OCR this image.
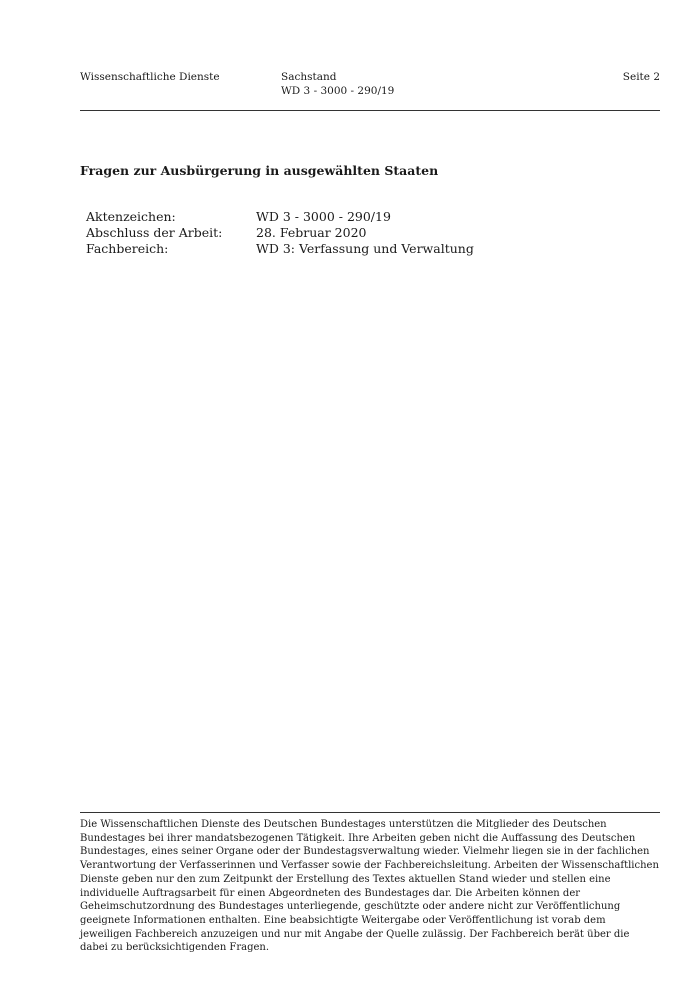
Wissenschaftliche Dienste	Sachstand
WD 3 - 3000 - 290/19
Seite 2
Fragen zur Ausbürgerung in ausgewählten Staaten
Aktenzeichen:	WD 3 - 3000 - 290/19
Abschluss der Arbeit:	28. Februar 2020
Fachbereich:	WD 3: Verfassung und Verwaltung
Die Wissenschaftlichen Dienste des Deutschen Bundestages unterstützen die Mitglieder des Deutschen Bundestages bei ihrer mandatsbezogenen Tätigkeit. Ihre Arbeiten geben nicht die Auffassung des Deutschen Bundestages, eines seiner Organe oder der Bundestagsverwaltung wieder. Vielmehr liegen sie in der fachlichen Verantwortung der Verfasserinnen und Verfasser sowie der Fachbereichsleitung. Arbeiten der Wissenschaftlichen Dienste geben nur den zum Zeitpunkt der Erstellung des Textes aktuellen Stand wieder und stellen eine individuelle Auftragsarbeit für einen Abgeordneten des Bundestages dar. Die Arbeiten können der Geheimschutzordnung des Bundestages unterliegende, geschützte oder andere nicht zur Veröffentlichung geeignete Informationen enthalten. Eine beabsichtigte Weitergabe oder Veröffentlichung ist vorab dem jeweiligen Fachbereich anzuzeigen und nur mit Angabe der Quelle zulässig. Der Fachbereich berät über die dabei zu berücksichtigenden Fragen.
